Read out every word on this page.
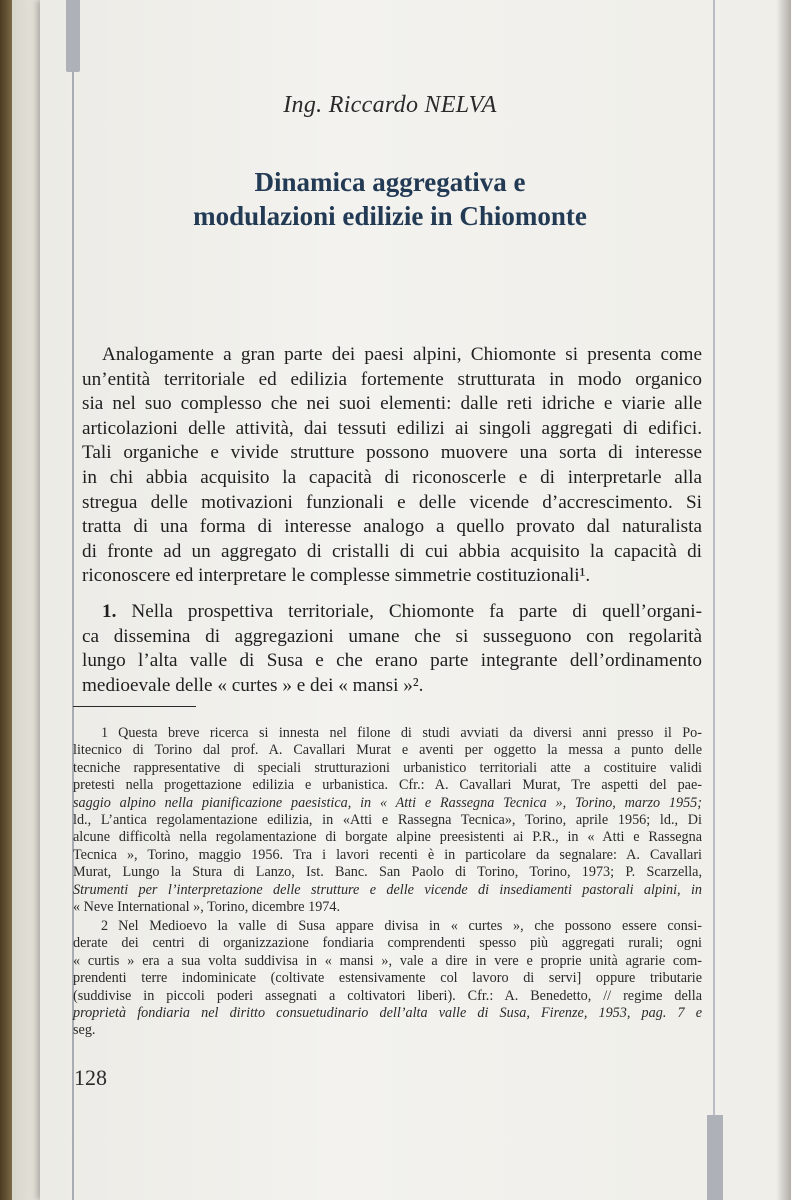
Ing. Riccardo NELVA
Dinamica aggregativa e
modulazioni edilizie in Chiomonte

Analogamente a gran parte dei paesi alpini, Chiomonte si presenta come
un’entità territoriale ed edilizia fortemente strutturata in modo organico
sia nel suo complesso che nei suoi elementi: dalle reti idriche e viarie alle
articolazioni delle attività, dai tessuti edilizi ai singoli aggregati di edifici.
Tali organiche e vivide strutture possono muovere una sorta di interesse
in chi abbia acquisito la capacità di riconoscerle e di interpretarle alla
stregua delle motivazioni funzionali e delle vicende d’accrescimento. Si
tratta di una forma di interesse analogo a quello provato dal naturalista
di fronte ad un aggregato di cristalli di cui abbia acquisito la capacità di
riconoscere ed interpretare le complesse simmetrie costituzionali¹.

1. Nella prospettiva territoriale, Chiomonte fa parte di quell’organi-
ca dissemina di aggregazioni umane che si susseguono con regolarità
lungo l’alta valle di Susa e che erano parte integrante dell’ordinamento
medioevale delle « curtes » e dei « mansi »².

1 Questa breve ricerca si innesta nel filone di studi avviati da diversi anni presso il Po-
litecnico di Torino dal prof. A. Cavallari Murat e aventi per oggetto la messa a punto delle
tecniche rappresentative di speciali strutturazioni urbanistico territoriali atte a costituire validi
pretesti nella progettazione edilizia e urbanistica. Cfr.: A. Cavallari Murat, Tre aspetti del pae-
saggio alpino nella pianificazione paesistica, in « Atti e Rassegna Tecnica », Torino, marzo 1955;
ld., L’antica regolamentazione edilizia, in «Atti e Rassegna Tecnica», Torino, aprile 1956; ld., Di
alcune difficoltà nella regolamentazione di borgate alpine preesistenti ai P.R., in « Atti e Rassegna
Tecnica », Torino, maggio 1956. Tra i lavori recenti è in particolare da segnalare: A. Cavallari
Murat, Lungo la Stura di Lanzo, Ist. Banc. San Paolo di Torino, Torino, 1973; P. Scarzella,
Strumenti per l’interpretazione delle strutture e delle vicende di insediamenti pastorali alpini, in
« Neve International », Torino, dicembre 1974.

2 Nel Medioevo la valle di Susa appare divisa in « curtes », che possono essere consi-
derate dei centri di organizzazione fondiaria comprendenti spesso più aggregati rurali; ogni
« curtis » era a sua volta suddivisa in « mansi », vale a dire in vere e proprie unità agrarie com-
prendenti terre indominicate (coltivate estensivamente col lavoro di servi] oppure tributarie
(suddivise in piccoli poderi assegnati a coltivatori liberi). Cfr.: A. Benedetto, // regime della
proprietà fondiaria nel diritto consuetudinario dell’alta valle di Susa, Firenze, 1953, pag. 7 e
seg.

128
